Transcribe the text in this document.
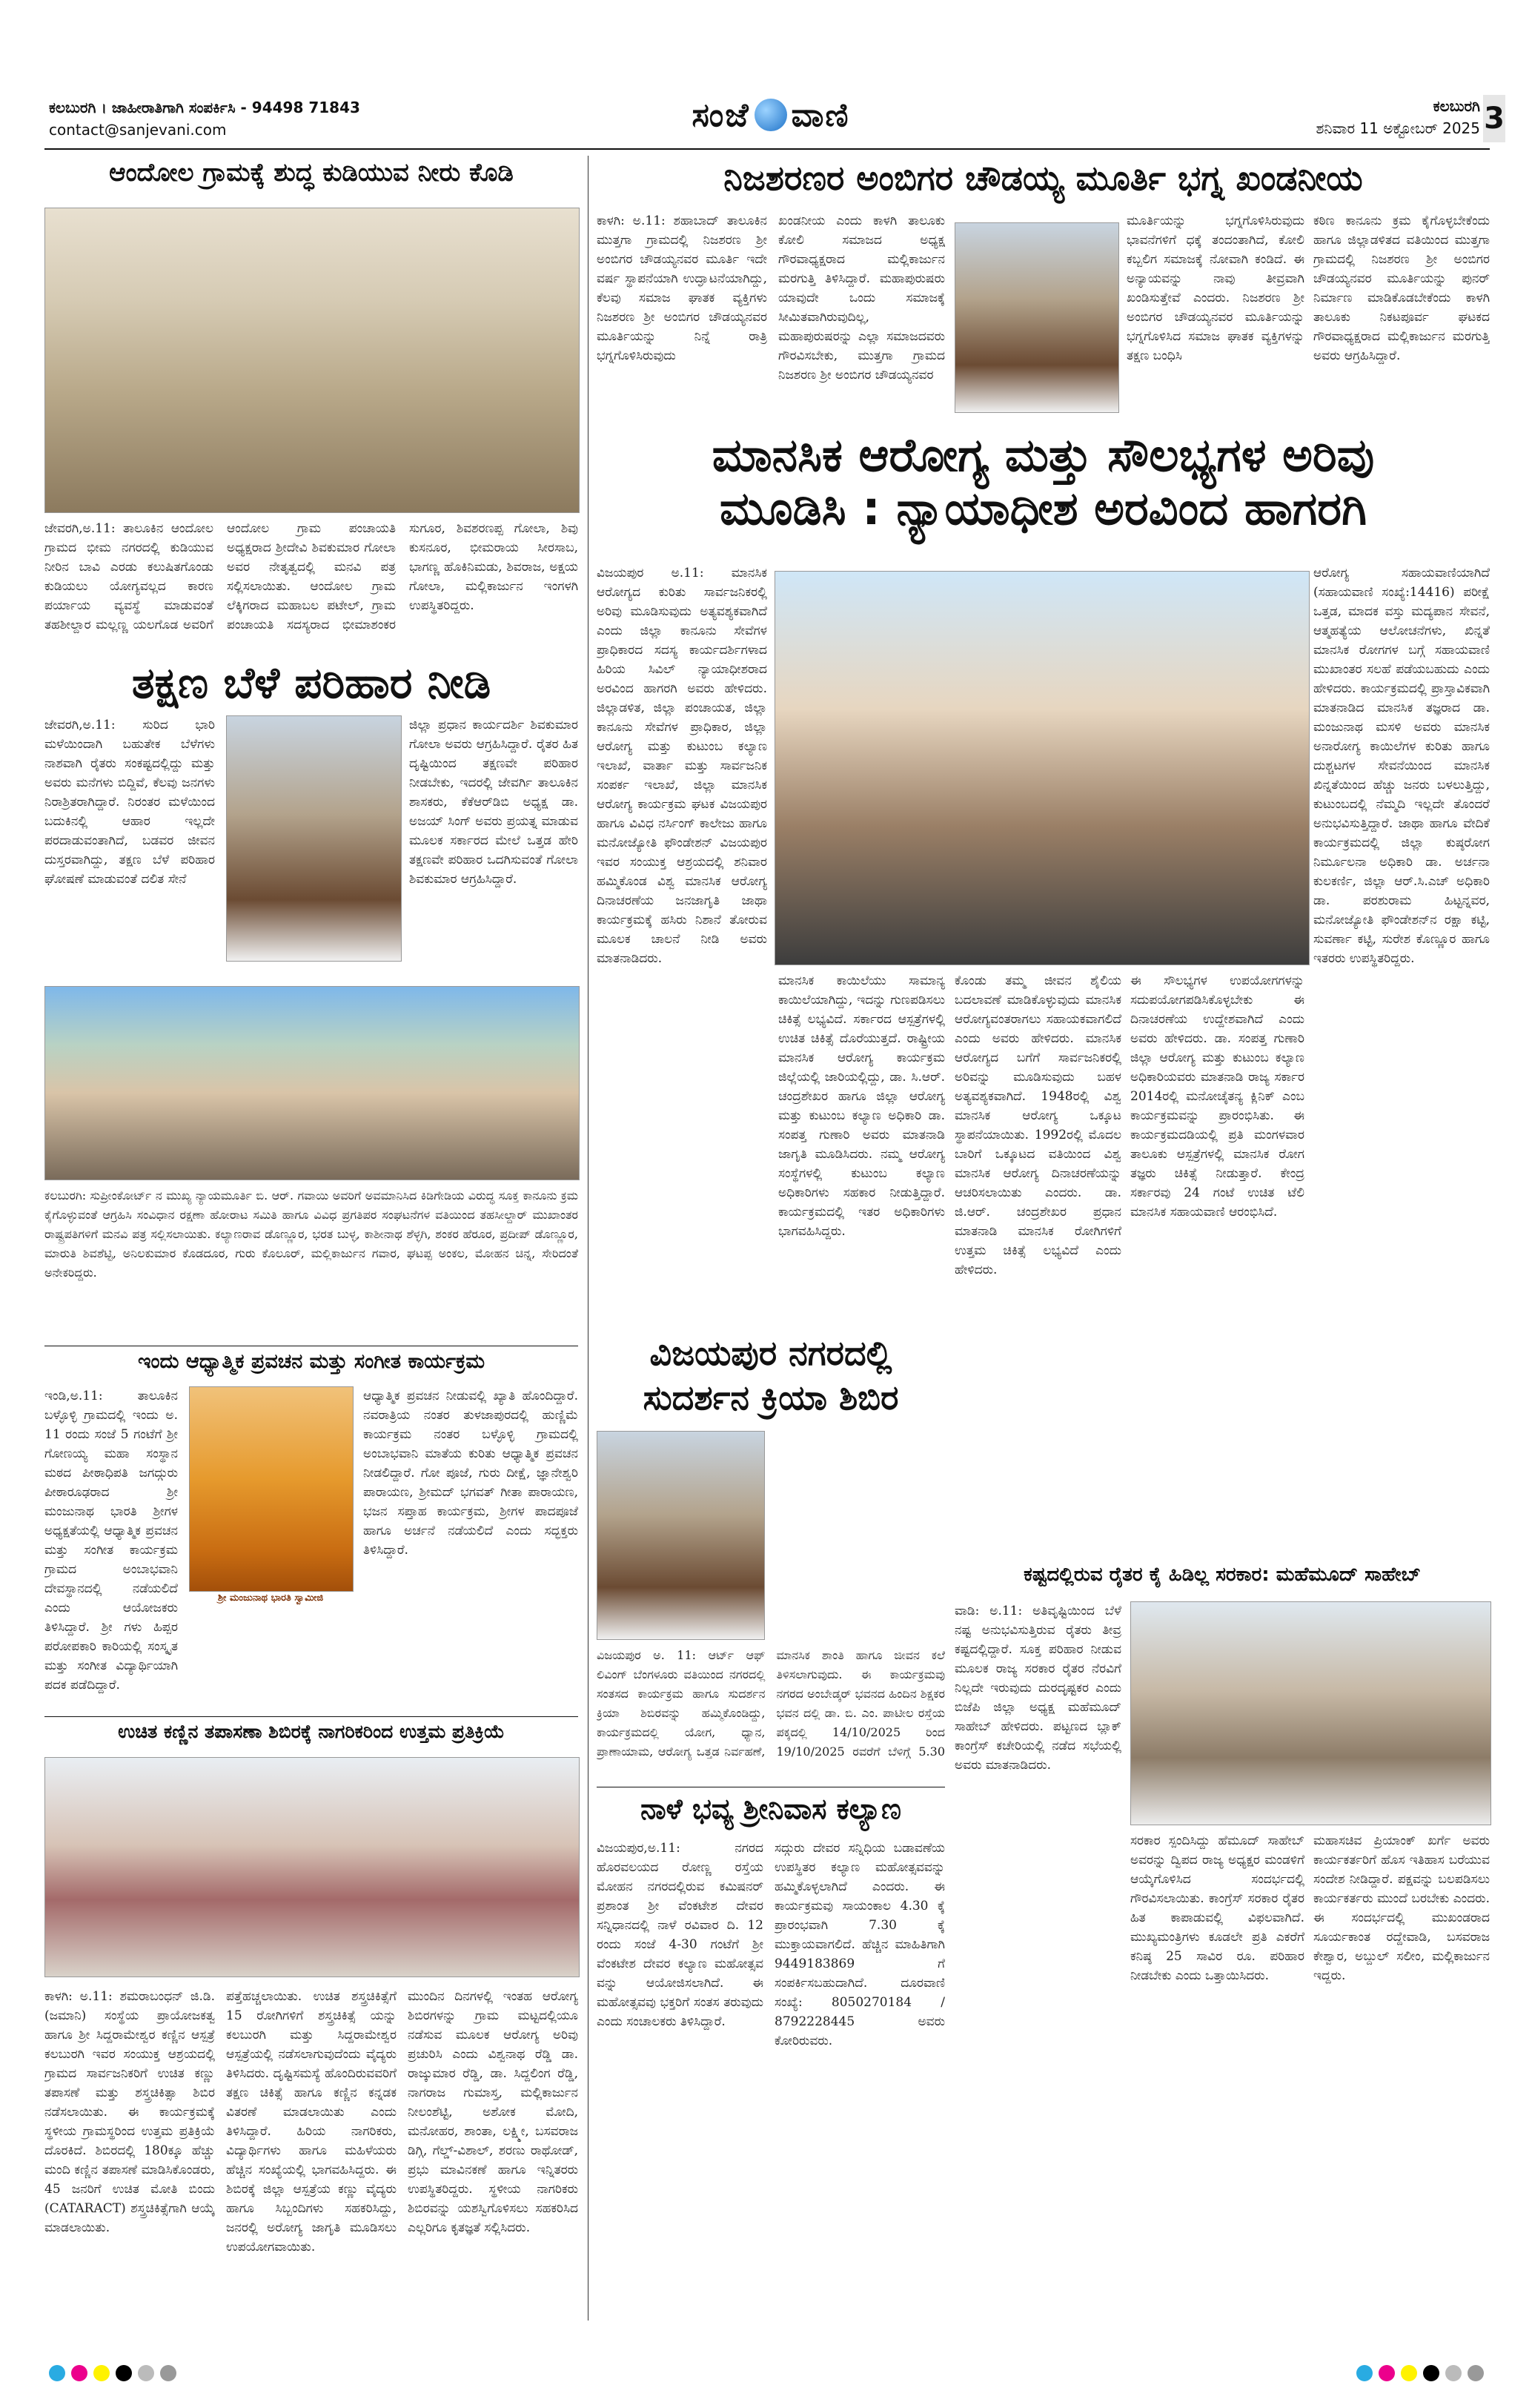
ಕಲಬುರಗಿ । ಜಾಹೀರಾತಿಗಾಗಿ ಸಂಪರ್ಕಿಸಿ - 94498 71843
contact@sanjevani.com	ಸಂಜೆ ವಾಣಿ	ಕಲಬುರಗಿ
ಶನಿವಾರ 11 ಅಕ್ಟೋಬರ್ 2025 3
ಆಂದೋಲ ಗ್ರಾಮಕ್ಕೆ ಶುದ್ಧ ಕುಡಿಯುವ ನೀರು ಕೊಡಿ
ಜೇವರಗಿ,ಅ.11: ತಾಲೂಕಿನ ಆಂದೋಲ ಗ್ರಾಮದ ಭೀಮ ನಗರದಲ್ಲಿ ಕುಡಿಯುವ ನೀರಿನ ಬಾವಿ ಎರಡು ಕಲುಷಿತಗೊಂಡು ಕುಡಿಯಲು ಯೋಗ್ಯವಲ್ಲದ ಕಾರಣ ಪರ್ಯಾಯ ವ್ಯವಸ್ಥೆ ಮಾಡುವಂತೆ ತಹಶೀಲ್ದಾರ ಮಲ್ಲಣ್ಣ ಯಲಗೊಡ ಅವರಿಗೆ ಆಂದೋಲ ಗ್ರಾಮ ಪಂಚಾಯತಿ ಅಧ್ಯಕ್ಷರಾದ ಶ್ರೀದೇವಿ ಶಿವಕುಮಾರ ಗೋಲಾ ಅವರ ನೇತೃತ್ವದಲ್ಲಿ ಮನವಿ ಪತ್ರ ಸಲ್ಲಿಸಲಾಯಿತು. ಆಂದೋಲ ಗ್ರಾಮ ಲೆಕ್ಕಿಗರಾದ ಮಹಾಬಲ ಪಟೇಲ್, ಗ್ರಾಮ ಪಂಚಾಯತಿ ಸದಸ್ಯರಾದ ಭೀಮಾಶಂಕರ ಸುಗೂರ, ಶಿವಶರಣಪ್ಪ ಗೋಲಾ, ಶಿವು ಕುಸನೂರ, ಭೀಮರಾಯ ಸೀರಸಾಬ, ಭಾಗಣ್ಣ ಹೊಕಿನಿಮಡು, ಶಿವರಾಜ, ಅಕ್ಷಯ ಗೋಲಾ, ಮಲ್ಲಿಕಾರ್ಜುನ ಇಂಗಳಗಿ ಉಪಸ್ಥಿತರಿದ್ದರು.
ತಕ್ಷಣ ಬೆಳೆ ಪರಿಹಾರ ನೀಡಿ
ಜೇವರಗಿ,ಅ.11: ಸುರಿದ ಭಾರಿ ಮಳೆಯಿಂದಾಗಿ ಬಹುತೇಕ ಬೆಳೆಗಳು ನಾಶವಾಗಿ ರೈತರು ಸಂಕಷ್ಟದಲ್ಲಿದ್ದು ಮತ್ತು ಅವರು ಮನೆಗಳು ಬಿದ್ದಿವೆ, ಕೆಲವು ಜನಗಳು ನಿರಾಶ್ರಿತರಾಗಿದ್ದಾರೆ. ನಿರಂತರ ಮಳೆಯಿಂದ ಬದುಕಿನಲ್ಲಿ ಆಹಾರ ಇಲ್ಲದೇ ಪರದಾಡುವಂತಾಗಿದೆ, ಬಡವರ ಜೀವನ ದುಸ್ತರವಾಗಿದ್ದು, ತಕ್ಷಣ ಬೆಳೆ ಪರಿಹಾರ ಘೋಷಣೆ ಮಾಡುವಂತೆ ದಲಿತ ಸೇನೆ
ಜಿಲ್ಲಾ ಪ್ರಧಾನ ಕಾರ್ಯದರ್ಶಿ ಶಿವಕುಮಾರ ಗೋಲಾ ಅವರು ಆಗ್ರಹಿಸಿದ್ದಾರೆ. ರೈತರ ಹಿತ ದೃಷ್ಟಿಯಿಂದ ತಕ್ಷಣವೇ ಪರಿಹಾರ ನೀಡಬೇಕು, ಇದರಲ್ಲಿ ಜೇವರ್ಗಿ ತಾಲೂಕಿನ ಶಾಸಕರು, ಕೆಕೆಆರ್‌ಡಿಬಿ ಅಧ್ಯಕ್ಷ ಡಾ. ಅಜಯ್ ಸಿಂಗ್ ಅವರು ಪ್ರಯತ್ನ ಮಾಡುವ ಮೂಲಕ ಸರ್ಕಾರದ ಮೇಲೆ ಒತ್ತಡ ಹೇರಿ ತಕ್ಷಣವೇ ಪರಿಹಾರ ಒದಗಿಸುವಂತೆ ಗೋಲಾ ಶಿವಕುಮಾರ ಆಗ್ರಹಿಸಿದ್ದಾರೆ.
ಕಲಬುರಗಿ: ಸುಪ್ರೀಂಕೋರ್ಟ್ ನ ಮುಖ್ಯ ನ್ಯಾಯಮೂರ್ತಿ ಬಿ. ಆರ್. ಗವಾಯಿ ಅವರಿಗೆ ಅವಮಾನಿಸಿದ ಕಿಡಿಗೇಡಿಯ ವಿರುದ್ಧ ಸೂಕ್ತ ಕಾನೂನು ಕ್ರಮ ಕೈಗೊಳ್ಳುವಂತೆ ಆಗ್ರಹಿಸಿ ಸಂವಿಧಾನ ರಕ್ಷಣಾ ಹೋರಾಟ ಸಮಿತಿ ಹಾಗೂ ವಿವಿಧ ಪ್ರಗತಿಪರ ಸಂಘಟನೆಗಳ ವತಿಯಿಂದ ತಹಸೀಲ್ದಾರ್ ಮುಖಾಂತರ ರಾಷ್ಟ್ರಪತಿಗಳಿಗೆ ಮನವಿ ಪತ್ರ ಸಲ್ಲಿಸಲಾಯಿತು. ಕಲ್ಯಾಣರಾವ ಡೊಣ್ಣೂರ, ಭರತ ಬುಳ್ಳ, ಕಾಶೀನಾಥ ಶೆಳ್ಳಗಿ, ಶಂಕರ ಹೆರೂರ, ಪ್ರದೀಪ್ ಡೊಣ್ಣೂರ, ಮಾರುತಿ ಶಿವಶೆಟ್ಟಿ, ಅನಿಲಕುಮಾರ ಕೊಡದೂರ, ಗುರು ಕೊಲೂರ್, ಮಲ್ಲಿಕಾರ್ಜುನ ಗವಾರ, ಘಟಪ್ಪ ಅಂಕಲ, ಮೋಹನ ಚಿನ್ನ, ಸೇರಿದಂತೆ ಅನೇಕರಿದ್ದರು.
ಇಂದು ಆಧ್ಯಾತ್ಮಿಕ ಪ್ರವಚನ ಮತ್ತು ಸಂಗೀತ ಕಾರ್ಯಕ್ರಮ
ಇಂಡಿ,ಅ.11: ತಾಲೂಕಿನ ಬಳ್ಳೊಳ್ಳಿ ಗ್ರಾಮದಲ್ಲಿ ಇಂದು ಅ. 11 ರಂದು ಸಂಜೆ 5 ಗಂಟೆಗೆ ಶ್ರೀ ಗೋಣಯ್ಯ ಮಹಾ ಸಂಸ್ಥಾನ ಮಠದ ಪೀಠಾಧಿಪತಿ ಜಗದ್ಗುರು ಪೀಠಾರೂಢರಾದ ಶ್ರೀ ಮಂಜುನಾಥ ಭಾರತಿ ಶ್ರೀಗಳ ಅಧ್ಯಕ್ಷತೆಯಲ್ಲಿ ಆಧ್ಯಾತ್ಮಿಕ ಪ್ರವಚನ ಮತ್ತು ಸಂಗೀತ ಕಾರ್ಯಕ್ರಮ ಗ್ರಾಮದ ಅಂಬಾಭವಾನಿ ದೇವಸ್ಥಾನದಲ್ಲಿ ನಡೆಯಲಿದೆ ಎಂದು ಆಯೋಜಕರು ತಿಳಿಸಿದ್ದಾರೆ. ಶ್ರೀ ಗಳು ಹಿಪ್ಪರ ಪರೋಪಕಾರಿ ಕಾರಿಯಲ್ಲಿ ಸಂಸ್ಕೃತ ಮತ್ತು ಸಂಗೀತ ವಿದ್ಯಾರ್ಥಿಯಾಗಿ ಪದಕ ಪಡೆದಿದ್ದಾರೆ.
ಶ್ರೀ ಮಂಜುನಾಥ ಭಾರತಿ ಸ್ವಾಮೀಜಿ
ಆಧ್ಯಾತ್ಮಿಕ ಪ್ರವಚನ ನೀಡುವಲ್ಲಿ ಖ್ಯಾತಿ ಹೊಂದಿದ್ದಾರೆ. ನವರಾತ್ರಿಯ ನಂತರ ತುಳಜಾಪುರದಲ್ಲಿ ಹುಣ್ಣಿಮೆ ಕಾರ್ಯಕ್ರಮ ನಂತರ ಬಳ್ಳೊಳ್ಳಿ ಗ್ರಾಮದಲ್ಲಿ ಅಂಬಾಭವಾನಿ ಮಾತೆಯ ಕುರಿತು ಆಧ್ಯಾತ್ಮಿಕ ಪ್ರವಚನ ನೀಡಲಿದ್ದಾರೆ. ಗೋ ಪೂಜೆ, ಗುರು ದೀಕ್ಷೆ, ಜ್ಞಾನೇಶ್ವರಿ ಪಾರಾಯಣ, ಶ್ರೀಮದ್ ಭಗವತ್ ಗೀತಾ ಪಾರಾಯಣ, ಭಜನ ಸಪ್ತಾಹ ಕಾರ್ಯಕ್ರಮ, ಶ್ರೀಗಳ ಪಾದಪೂಜೆ ಹಾಗೂ ಅರ್ಚನೆ ನಡೆಯಲಿದೆ ಎಂದು ಸದ್ಭಕ್ತರು ತಿಳಿಸಿದ್ದಾರೆ.
ಉಚಿತ ಕಣ್ಣಿನ ತಪಾಸಣಾ ಶಿಬಿರಕ್ಕೆ ನಾಗರಿಕರಿಂದ ಉತ್ತಮ ಪ್ರತಿಕ್ರಿಯೆ
ಕಾಳಗಿ: ಅ.11: ಶಮರಾಬಂಧನ್ ಜಿ.ಡಿ. (ಜಮಾನಿ) ಸಂಸ್ಥೆಯ ಪ್ರಾಯೋಜಕತ್ವ ಹಾಗೂ ಶ್ರೀ ಸಿದ್ದರಾಮೇಶ್ವರ ಕಣ್ಣಿನ ಆಸ್ಪತ್ರೆ ಕಲಬುರಗಿ ಇವರ ಸಂಯುಕ್ತ ಆಶ್ರಯದಲ್ಲಿ ಗ್ರಾಮದ ಸಾರ್ವಜನಿಕರಿಗೆ ಉಚಿತ ಕಣ್ಣು ತಪಾಸಣೆ ಮತ್ತು ಶಸ್ತ್ರಚಿಕಿತ್ಸಾ ಶಿಬಿರ ನಡೆಸಲಾಯಿತು. ಈ ಕಾರ್ಯಕ್ರಮಕ್ಕೆ ಸ್ಥಳೀಯ ಗ್ರಾಮಸ್ಥರಿಂದ ಉತ್ತಮ ಪ್ರತಿಕ್ರಿಯೆ ದೊರಕಿದೆ. ಶಿಬಿರದಲ್ಲಿ 180ಕ್ಕೂ ಹೆಚ್ಚು ಮಂದಿ ಕಣ್ಣಿನ ತಪಾಸಣೆ ಮಾಡಿಸಿಕೊಂಡರು, 45 ಜನರಿಗೆ ಉಚಿತ ಮೋತಿ ಬಿಂದು (CATARACT) ಶಸ್ತ್ರಚಿಕಿತ್ಸೆಗಾಗಿ ಆಯ್ಕೆ ಮಾಡಲಾಯಿತು.
ಪತ್ತೆಹಚ್ಚಲಾಯಿತು. ಉಚಿತ ಶಸ್ತ್ರಚಿಕಿತ್ಸೆಗೆ 15 ರೋಗಿಗಳಿಗೆ ಶಸ್ತ್ರಚಿಕಿತ್ಸೆ ಯನ್ನು ಕಲಬುರಗಿ ಮತ್ತು ಸಿದ್ದರಾಮೇಶ್ವರ ಆಸ್ಪತ್ರೆಯಲ್ಲಿ ನಡೆಸಲಾಗುವುದೆಂದು ವೈದ್ಯರು ತಿಳಿಸಿದರು. ದೃಷ್ಟಿಸಮಸ್ಯೆ ಹೊಂದಿರುವವರಿಗೆ ತಕ್ಷಣ ಚಿಕಿತ್ಸೆ ಹಾಗೂ ಕಣ್ಣಿನ ಕನ್ನಡಕ ವಿತರಣೆ ಮಾಡಲಾಯಿತು ಎಂದು ತಿಳಿಸಿದ್ದಾರೆ. ಹಿರಿಯ ನಾಗರಿಕರು, ವಿದ್ಯಾರ್ಥಿಗಳು ಹಾಗೂ ಮಹಿಳೆಯರು ಹೆಚ್ಚಿನ ಸಂಖ್ಯೆಯಲ್ಲಿ ಭಾಗವಹಿಸಿದ್ದರು. ಈ ಶಿಬಿರಕ್ಕೆ ಜಿಲ್ಲಾ ಆಸ್ಪತ್ರೆಯ ಕಣ್ಣು ವೈದ್ಯರು ಹಾಗೂ ಸಿಬ್ಬಂದಿಗಳು ಸಹಕರಿಸಿದ್ದು, ಜನರಲ್ಲಿ ಅರೋಗ್ಯ ಜಾಗೃತಿ ಮೂಡಿಸಲು ಉಪಯೋಗವಾಯಿತು.
ಮುಂದಿನ ದಿನಗಳಲ್ಲಿ ಇಂತಹ ಆರೋಗ್ಯ ಶಿಬಿರಗಳನ್ನು ಗ್ರಾಮ ಮಟ್ಟದಲ್ಲಿಯೂ ನಡೆಸುವ ಮೂಲಕ ಆರೋಗ್ಯ ಅರಿವು ಪ್ರಚುರಿಸಿ ಎಂದು ವಿಶ್ವನಾಥ ರೆಡ್ಡಿ ಡಾ. ರಾಜ್ಕುಮಾರ ರೆಡ್ಡಿ, ಡಾ. ಸಿದ್ದಲಿಂಗ ರೆಡ್ಡಿ, ನಾಗರಾಜ ಗುಮಾಸ್ತ, ಮಲ್ಲಿಕಾರ್ಜುನ ನೀಲಂಶೆಟ್ಟಿ, ಅಶೋಕ ಮೋದಿ, ಮನೋಹರ, ಶಾಂತಾ, ಲಕ್ಷ್ಮೀ, ಬಸವರಾಜ ಡಿಗ್ಗಿ, ಗೆಲ್ಡ್-ವಿಶಾಲ್, ಶರಣು ರಾಥೋಡ್, ಪ್ರಭು ಮಾವಿನಕಣೆ ಹಾಗೂ ಇನ್ನಿತರರು ಉಪಸ್ಥಿತರಿದ್ದರು. ಸ್ಥಳೀಯ ನಾಗರಿಕರು ಶಿಬಿರವನ್ನು ಯಶಸ್ವಿಗೊಳಿಸಲು ಸಹಕರಿಸಿದ ಎಲ್ಲರಿಗೂ ಕೃತಜ್ಞತೆ ಸಲ್ಲಿಸಿದರು.
ನಿಜಶರಣರ ಅಂಬಿಗರ ಚೌಡಯ್ಯ ಮೂರ್ತಿ ಭಗ್ನ ಖಂಡನೀಯ
ಕಾಳಗಿ: ಅ.11: ಶಹಾಬಾದ್ ತಾಲೂಕಿನ ಮುತ್ತಗಾ ಗ್ರಾಮದಲ್ಲಿ ನಿಜಶರಣ ಶ್ರೀ ಅಂಬಿಗರ ಚೌಡಯ್ಯನವರ ಮೂರ್ತಿ ಇದೇ ವರ್ಷ ಸ್ಥಾಪನೆಯಾಗಿ ಉದ್ಘಾಟನೆಯಾಗಿದ್ದು, ಕೆಲವು ಸಮಾಜ ಘಾತಕ ವ್ಯಕ್ತಿಗಳು ನಿಜಶರಣ ಶ್ರೀ ಅಂಬಿಗರ ಚೌಡಯ್ಯನವರ ಮೂರ್ತಿಯನ್ನು ನಿನ್ನೆ ರಾತ್ರಿ ಭಗ್ನಗೊಳಿಸಿರುವುದು
ಖಂಡನೀಯ ಎಂದು ಕಾಳಗಿ ತಾಲೂಕು ಕೋಲಿ ಸಮಾಜದ ಅಧ್ಯಕ್ಷ ಗೌರವಾಧ್ಯಕ್ಷರಾದ ಮಲ್ಲಿಕಾರ್ಜುನ ಮರಗುತ್ತಿ ತಿಳಿಸಿದ್ದಾರೆ. ಮಹಾಪುರುಷರು ಯಾವುದೇ ಒಂದು ಸಮಾಜಕ್ಕೆ ಸೀಮಿತವಾಗಿರುವುದಿಲ್ಲ, ಮಹಾಪುರುಷರನ್ನು ಎಲ್ಲಾ ಸಮಾಜದವರು ಗೌರವಿಸಬೇಕು, ಮುತ್ತಗಾ ಗ್ರಾಮದ ನಿಜಶರಣ ಶ್ರೀ ಅಂಬಿಗರ ಚೌಡಯ್ಯನವರ
ಮೂರ್ತಿಯನ್ನು ಭಗ್ನಗೊಳಿಸಿರುವುದು ಭಾವನೆಗಳಿಗೆ ಧಕ್ಕೆ ತಂದಂತಾಗಿದೆ, ಕೋಲಿ ಕಬ್ಬಲಿಗ ಸಮಾಜಕ್ಕೆ ನೋವಾಗಿ ಕಂಡಿದೆ. ಈ ಅನ್ಯಾಯವನ್ನು ನಾವು ತೀವ್ರವಾಗಿ ಖಂಡಿಸುತ್ತೇವೆ ಎಂದರು. ನಿಜಶರಣ ಶ್ರೀ ಅಂಬಿಗರ ಚೌಡಯ್ಯನವರ ಮೂರ್ತಿಯನ್ನು ಭಗ್ನಗೊಳಿಸಿದ ಸಮಾಜ ಘಾತಕ ವ್ಯಕ್ತಿಗಳನ್ನು ತಕ್ಷಣ ಬಂಧಿಸಿ
ಕಠಿಣ ಕಾನೂನು ಕ್ರಮ ಕೈಗೊಳ್ಳಬೇಕೆಂದು ಹಾಗೂ ಜಿಲ್ಲಾಡಳಿತದ ವತಿಯಿಂದ ಮುತ್ತಗಾ ಗ್ರಾಮದಲ್ಲಿ ನಿಜಶರಣ ಶ್ರೀ ಅಂಬಿಗರ ಚೌಡಯ್ಯನವರ ಮೂರ್ತಿಯನ್ನು ಪುನರ್ ನಿರ್ಮಾಣ ಮಾಡಿಕೊಡಬೇಕೆಂದು ಕಾಳಗಿ ತಾಲೂಕು ನಿಕಟಪೂರ್ವ ಘಟಕದ ಗೌರವಾಧ್ಯಕ್ಷರಾದ ಮಲ್ಲಿಕಾರ್ಜುನ ಮರಗುತ್ತಿ ಅವರು ಆಗ್ರಹಿಸಿದ್ದಾರೆ.
ಮಾನಸಿಕ ಆರೋಗ್ಯ ಮತ್ತು ಸೌಲಭ್ಯಗಳ ಅರಿವು
ಮೂಡಿಸಿ : ನ್ಯಾಯಾಧೀಶ ಅರವಿಂದ ಹಾಗರಗಿ
ವಿಜಯಪುರ ಅ.11: ಮಾನಸಿಕ ಆರೋಗ್ಯದ ಕುರಿತು ಸಾರ್ವಜನಿಕರಲ್ಲಿ ಅರಿವು ಮೂಡಿಸುವುದು ಅತ್ಯವಶ್ಯಕವಾಗಿದೆ ಎಂದು ಜಿಲ್ಲಾ ಕಾನೂನು ಸೇವೆಗಳ ಪ್ರಾಧಿಕಾರದ ಸದಸ್ಯ ಕಾರ್ಯದರ್ಶಿಗಳಾದ ಹಿರಿಯ ಸಿವಿಲ್ ನ್ಯಾಯಾಧೀಶರಾದ ಅರವಿಂದ ಹಾಗರಗಿ ಅವರು ಹೇಳಿದರು. ಜಿಲ್ಲಾಡಳಿತ, ಜಿಲ್ಲಾ ಪಂಚಾಯತ, ಜಿಲ್ಲಾ ಕಾನೂನು ಸೇವೆಗಳ ಪ್ರಾಧಿಕಾರ, ಜಿಲ್ಲಾ ಆರೋಗ್ಯ ಮತ್ತು ಕುಟುಂಬ ಕಲ್ಯಾಣ ಇಲಾಖೆ, ವಾರ್ತಾ ಮತ್ತು ಸಾರ್ವಜನಿಕ ಸಂಪರ್ಕ ಇಲಾಖೆ, ಜಿಲ್ಲಾ ಮಾನಸಿಕ ಆರೋಗ್ಯ ಕಾರ್ಯಕ್ರಮ ಘಟಕ ವಿಜಯಪುರ ಹಾಗೂ ವಿವಿಧ ನರ್ಸಿಂಗ್ ಕಾಲೇಜು ಹಾಗೂ ಮನೋಜ್ಯೋತಿ ಫೌಂಡೇಶನ್ ವಿಜಯಪುರ ಇವರ ಸಂಯುಕ್ತ ಆಶ್ರಯದಲ್ಲಿ ಶನಿವಾರ ಹಮ್ಮಿಕೊಂಡ ವಿಶ್ವ ಮಾನಸಿಕ ಆರೋಗ್ಯ ದಿನಾಚರಣೆಯ ಜನಜಾಗೃತಿ ಜಾಥಾ ಕಾರ್ಯಕ್ರಮಕ್ಕೆ ಹಸಿರು ನಿಶಾನೆ ತೋರುವ ಮೂಲಕ ಚಾಲನೆ ನೀಡಿ ಅವರು ಮಾತನಾಡಿದರು.
ಆರೋಗ್ಯ ಸಹಾಯವಾಣಿಯಾಗಿದೆ (ಸಹಾಯವಾಣಿ ಸಂಖ್ಯೆ:14416) ಪರೀಕ್ಷೆ ಒತ್ತಡ, ಮಾದಕ ವಸ್ತು ಮದ್ಯಪಾನ ಸೇವನೆ, ಆತ್ಮಹತ್ಯೆಯ ಆಲೋಚನೆಗಳು, ಖಿನ್ನತೆ ಮಾನಸಿಕ ರೋಗಗಳ ಬಗ್ಗೆ ಸಹಾಯವಾಣಿ ಮುಖಾಂತರ ಸಲಹೆ ಪಡೆಯಬಹುದು ಎಂದು ಹೇಳಿದರು. ಕಾರ್ಯಕ್ರಮದಲ್ಲಿ ಪ್ರಾಸ್ತಾವಿಕವಾಗಿ ಮಾತನಾಡಿದ ಮಾನಸಿಕ ತಜ್ಞರಾದ ಡಾ. ಮಂಜುನಾಥ ಮಸಳಿ ಅವರು ಮಾನಸಿಕ ಅನಾರೋಗ್ಯ ಕಾಯಿಲೆಗಳ ಕುರಿತು ಹಾಗೂ ದುಶ್ಚಟಗಳ ಸೇವನೆಯಿಂದ ಮಾನಸಿಕ ಖಿನ್ನತೆಯಿಂದ ಹೆಚ್ಚು ಜನರು ಬಳಲುತ್ತಿದ್ದು, ಕುಟುಂಬದಲ್ಲಿ ನೆಮ್ಮದಿ ಇಲ್ಲದೇ ತೊಂದರೆ ಅನುಭವಿಸುತ್ತಿದ್ದಾರೆ. ಜಾಥಾ ಹಾಗೂ ವೇದಿಕೆ ಕಾರ್ಯಕ್ರಮದಲ್ಲಿ ಜಿಲ್ಲಾ ಕುಷ್ಠರೋಗ ನಿರ್ಮೂಲನಾ ಅಧಿಕಾರಿ ಡಾ. ಅರ್ಚನಾ ಕುಲಕರ್ಣಿ, ಜಿಲ್ಲಾ ಆರ್.ಸಿ.ಎಚ್ ಅಧಿಕಾರಿ ಡಾ. ಪರಶುರಾಮ ಹಿಟ್ಟನ್ನವರ, ಮನೋಜ್ಯೋತಿ ಫೌಂಡೇಶನ್‌ನ ರಕ್ಷಾ ಕಟ್ಟಿ, ಸುವರ್ಣಾ ಕಟ್ಟಿ, ಸುರೇಶ ಕೊಣ್ಣೂರ ಹಾಗೂ ಇತರರು ಉಪಸ್ಥಿತರಿದ್ದರು.
ಮಾನಸಿಕ ಕಾಯಿಲೆಯು ಸಾಮಾನ್ಯ ಕಾಯಿಲೆಯಾಗಿದ್ದು, ಇದನ್ನು ಗುಣಪಡಿಸಲು ಚಿಕಿತ್ಸೆ ಲಭ್ಯವಿದೆ. ಸರ್ಕಾರದ ಆಸ್ಪತ್ರೆಗಳಲ್ಲಿ ಉಚಿತ ಚಿಕಿತ್ಸೆ ದೊರೆಯುತ್ತದೆ. ರಾಷ್ಟ್ರೀಯ ಮಾನಸಿಕ ಆರೋಗ್ಯ ಕಾರ್ಯಕ್ರಮ ಜಿಲ್ಲೆಯಲ್ಲಿ ಜಾರಿಯಲ್ಲಿದ್ದು, ಡಾ. ಸಿ.ಆರ್. ಚಂದ್ರಶೇಖರ ಹಾಗೂ ಜಿಲ್ಲಾ ಆರೋಗ್ಯ ಮತ್ತು ಕುಟುಂಬ ಕಲ್ಯಾಣ ಅಧಿಕಾರಿ ಡಾ. ಸಂಪತ್ತ ಗುಣಾರಿ ಅವರು ಮಾತನಾಡಿ ಜಾಗೃತಿ ಮೂಡಿಸಿದರು. ನಮ್ಮ ಆರೋಗ್ಯ ಸಂಸ್ಥೆಗಳಲ್ಲಿ ಕುಟುಂಬ ಕಲ್ಯಾಣ ಅಧಿಕಾರಿಗಳು ಸಹಕಾರ ನೀಡುತ್ತಿದ್ದಾರೆ. ಕಾರ್ಯಕ್ರಮದಲ್ಲಿ ಇತರ ಅಧಿಕಾರಿಗಳು ಭಾಗವಹಿಸಿದ್ದರು.
ಕೊಂಡು ತಮ್ಮ ಜೀವನ ಶೈಲಿಯ ಬದಲಾವಣೆ ಮಾಡಿಕೊಳ್ಳುವುದು ಮಾನಸಿಕ ಆರೋಗ್ಯವಂತರಾಗಲು ಸಹಾಯಕವಾಗಲಿದೆ ಎಂದು ಅವರು ಹೇಳಿದರು. ಮಾನಸಿಕ ಆರೋಗ್ಯದ ಬಗೆಗೆ ಸಾರ್ವಜನಿಕರಲ್ಲಿ ಅರಿವನ್ನು ಮೂಡಿಸುವುದು ಬಹಳ ಅತ್ಯವಶ್ಯಕವಾಗಿದೆ. 1948ರಲ್ಲಿ ವಿಶ್ವ ಮಾನಸಿಕ ಆರೋಗ್ಯ ಒಕ್ಕೂಟ ಸ್ಥಾಪನೆಯಾಯಿತು. 1992ರಲ್ಲಿ ಮೊದಲ ಬಾರಿಗೆ ಒಕ್ಕೂಟದ ವತಿಯಿಂದ ವಿಶ್ವ ಮಾನಸಿಕ ಆರೋಗ್ಯ ದಿನಾಚರಣೆಯನ್ನು ಆಚರಿಸಲಾಯಿತು ಎಂದರು. ಡಾ. ಜಿ.ಆರ್. ಚಂದ್ರಶೇಖರ ಪ್ರಧಾನ ಮಾತನಾಡಿ ಮಾನಸಿಕ ರೋಗಿಗಳಿಗೆ ಉತ್ತಮ ಚಿಕಿತ್ಸೆ ಲಭ್ಯವಿದೆ ಎಂದು ಹೇಳಿದರು.
ಈ ಸೌಲಭ್ಯಗಳ ಉಪಯೋಗಗಳನ್ನು ಸದುಪಯೋಗಪಡಿಸಿಕೊಳ್ಳಬೇಕು ಈ ದಿನಾಚರಣೆಯ ಉದ್ದೇಶವಾಗಿದೆ ಎಂದು ಅವರು ಹೇಳಿದರು. ಡಾ. ಸಂಪತ್ತ ಗುಣಾರಿ ಜಿಲ್ಲಾ ಆರೋಗ್ಯ ಮತ್ತು ಕುಟುಂಬ ಕಲ್ಯಾಣ ಅಧಿಕಾರಿಯವರು ಮಾತನಾಡಿ ರಾಜ್ಯ ಸರ್ಕಾರ 2014ರಲ್ಲಿ ಮನೋಚೈತನ್ಯ ಕ್ಲಿನಿಕ್ ಎಂಬ ಕಾರ್ಯಕ್ರಮವನ್ನು ಪ್ರಾರಂಭಿಸಿತು. ಈ ಕಾರ್ಯಕ್ರಮದಡಿಯಲ್ಲಿ ಪ್ರತಿ ಮಂಗಳವಾರ ತಾಲೂಕು ಆಸ್ಪತ್ರೆಗಳಲ್ಲಿ ಮಾನಸಿಕ ರೋಗ ತಜ್ಞರು ಚಿಕಿತ್ಸೆ ನೀಡುತ್ತಾರೆ. ಕೇಂದ್ರ ಸರ್ಕಾರವು 24 ಗಂಟೆ ಉಚಿತ ಟೆಲಿ ಮಾನಸಿಕ ಸಹಾಯವಾಣಿ ಆರಂಭಿಸಿದೆ.
ವಿಜಯಪುರ ನಗರದಲ್ಲಿ
ಸುದರ್ಶನ ಕ್ರಿಯಾ ಶಿಬಿರ
ವಿಜಯಪುರ ಅ. 11: ಆರ್ಟ್ ಆಫ್ ಲಿವಿಂಗ್ ಬೆಂಗಳೂರು ವತಿಯಿಂದ ನಗರದಲ್ಲಿ ಸಂತಸದ ಕಾರ್ಯಕ್ರಮ ಹಾಗೂ ಸುದರ್ಶನ ಕ್ರಿಯಾ ಶಿಬಿರವನ್ನು ಹಮ್ಮಿಕೊಂಡಿದ್ದು, ಕಾರ್ಯಕ್ರಮದಲ್ಲಿ ಯೋಗ, ಧ್ಯಾನ, ಪ್ರಾಣಾಯಾಮ, ಆರೋಗ್ಯ ಒತ್ತಡ ನಿರ್ವಹಣೆ, ಮಾನಸಿಕ ಶಾಂತಿ ಹಾಗೂ ಜೀವನ ಕಲೆ ತಿಳಿಸಲಾಗುವುದು. ಈ ಕಾರ್ಯಕ್ರಮವು ನಗರದ ಅಂಬೇಡ್ಕರ್ ಭವನದ ಹಿಂದಿನ ಶಿಕ್ಷಕರ ಭವನ ದಲ್ಲಿ ಡಾ. ಬಿ. ಎಂ. ಪಾಟೀಲ ರಸ್ತೆಯ ಪಕ್ಕದಲ್ಲಿ 14/10/2025 ರಿಂದ 19/10/2025 ರವರೆಗೆ ಬೆಳಿಗ್ಗೆ 5.30
ಕಷ್ಟದಲ್ಲಿರುವ ರೈತರ ಕೈ ಹಿಡಿಲ್ಲ ಸರಕಾರ: ಮಹೆಮೂದ್ ಸಾಹೇಬ್
ವಾಡಿ: ಅ.11: ಅತಿವೃಷ್ಟಿಯಿಂದ ಬೆಳೆ ನಷ್ಟ ಅನುಭವಿಸುತ್ತಿರುವ ರೈತರು ತೀವ್ರ ಕಷ್ಟದಲ್ಲಿದ್ದಾರೆ. ಸೂಕ್ತ ಪರಿಹಾರ ನೀಡುವ ಮೂಲಕ ರಾಜ್ಯ ಸರಕಾರ ರೈತರ ನೆರವಿಗೆ ನಿಲ್ಲದೇ ಇರುವುದು ದುರದೃಷ್ಟಕರ ಎಂದು ಬಿಜೆಪಿ ಜಿಲ್ಲಾ ಅಧ್ಯಕ್ಷ ಮಹೆಮೂದ್ ಸಾಹೇಬ್ ಹೇಳಿದರು. ಪಟ್ಟಣದ ಬ್ಲಾಕ್ ಕಾಂಗ್ರೆಸ್ ಕಚೇರಿಯಲ್ಲಿ ನಡೆದ ಸಭೆಯಲ್ಲಿ ಅವರು ಮಾತನಾಡಿದರು.
ಸರಕಾರ ಸ್ಪಂದಿಸಿದ್ದು ಹೆಮೂದ್ ಸಾಹೇಬ್ ಅವರನ್ನು ದ್ವಿಪದ ರಾಜ್ಯ ಅಧ್ಯಕ್ಷರ ಮಂಡಳಿಗೆ ಆಯ್ಕೆಗೊಳಿಸಿದ ಸಂದರ್ಭದಲ್ಲಿ ಗೌರವಿಸಲಾಯಿತು. ಕಾಂಗ್ರೆಸ್ ಸರಕಾರ ರೈತರ ಹಿತ ಕಾಪಾಡುವಲ್ಲಿ ವಿಫಲವಾಗಿದೆ. ಮುಖ್ಯಮಂತ್ರಿಗಳು ಕೂಡಲೇ ಪ್ರತಿ ಎಕರೆಗೆ ಕನಿಷ್ಠ 25 ಸಾವಿರ ರೂ. ಪರಿಹಾರ ನೀಡಬೇಕು ಎಂದು ಒತ್ತಾಯಿಸಿದರು.
ಮಹಾಸಚಿವ ಪ್ರಿಯಾಂಕ್ ಖರ್ಗೆ ಅವರು ಕಾರ್ಯಕರ್ತರಿಗೆ ಹೊಸ ಇತಿಹಾಸ ಬರೆಯುವ ಸಂದೇಶ ನೀಡಿದ್ದಾರೆ. ಪಕ್ಷವನ್ನು ಬಲಪಡಿಸಲು ಕಾರ್ಯಕರ್ತರು ಮುಂದೆ ಬರಬೇಕು ಎಂದರು. ಈ ಸಂದರ್ಭದಲ್ಲಿ ಮುಖಂಡರಾದ ಸೂರ್ಯಕಾಂತ ರದ್ದೇವಾಡಿ, ಬಸವರಾಜ ಕೇಶ್ವಾರ, ಅಬ್ದುಲ್ ಸಲೀಂ, ಮಲ್ಲಿಕಾರ್ಜುನ ಇದ್ದರು.
ನಾಳೆ ಭವ್ಯ ಶ್ರೀನಿವಾಸ ಕಲ್ಯಾಣ
ವಿಜಯಪುರ,ಅ.11: ನಗರದ ಹೊರವಲಯದ ರೋಣ್ಣ ರಸ್ತೆಯ ಮೋಹನ ನಗರದಲ್ಲಿರುವ ಕಮಿಷನರ್ ಪ್ರಶಾಂತ ಶ್ರೀ ವೆಂಕಟೇಶ ದೇವರ ಸನ್ನಿಧಾನದಲ್ಲಿ ನಾಳೆ ರವಿವಾರ ದಿ. 12 ರಂದು ಸಂಜೆ 4-30 ಗಂಟೆಗೆ ಶ್ರೀ ವೆಂಕಟೇಶ ದೇವರ ಕಲ್ಯಾಣ ಮಹೋತ್ಸವ ವನ್ನು ಆಯೋಜಿಸಲಾಗಿದೆ. ಈ ಮಹೋತ್ಸವವು ಭಕ್ತರಿಗೆ ಸಂತಸ ತರುವುದು ಎಂದು ಸಂಚಾಲಕರು ತಿಳಿಸಿದ್ದಾರೆ.
ಸದ್ಗುರು ದೇವರ ಸನ್ನಿಧಿಯ ಬಡಾವಣೆಯ ಉಪಸ್ಥಿತರ ಕಲ್ಯಾಣ ಮಹೋತ್ಸವವನ್ನು ಹಮ್ಮಿಕೊಳ್ಳಲಾಗಿದೆ ಎಂದರು. ಈ ಕಾರ್ಯಕ್ರಮವು ಸಾಯಂಕಾಲ 4.30 ಕ್ಕೆ ಪ್ರಾರಂಭವಾಗಿ 7.30 ಕ್ಕೆ ಮುಕ್ತಾಯವಾಗಲಿದೆ. ಹೆಚ್ಚಿನ ಮಾಹಿತಿಗಾಗಿ 9449183869 ಗೆ ಸಂಪರ್ಕಿಸಬಹುದಾಗಿದೆ. ದೂರವಾಣಿ ಸಂಖ್ಯೆ: 8050270184 / 8792228445 ಅವರು ಕೋರಿರುವರು.
